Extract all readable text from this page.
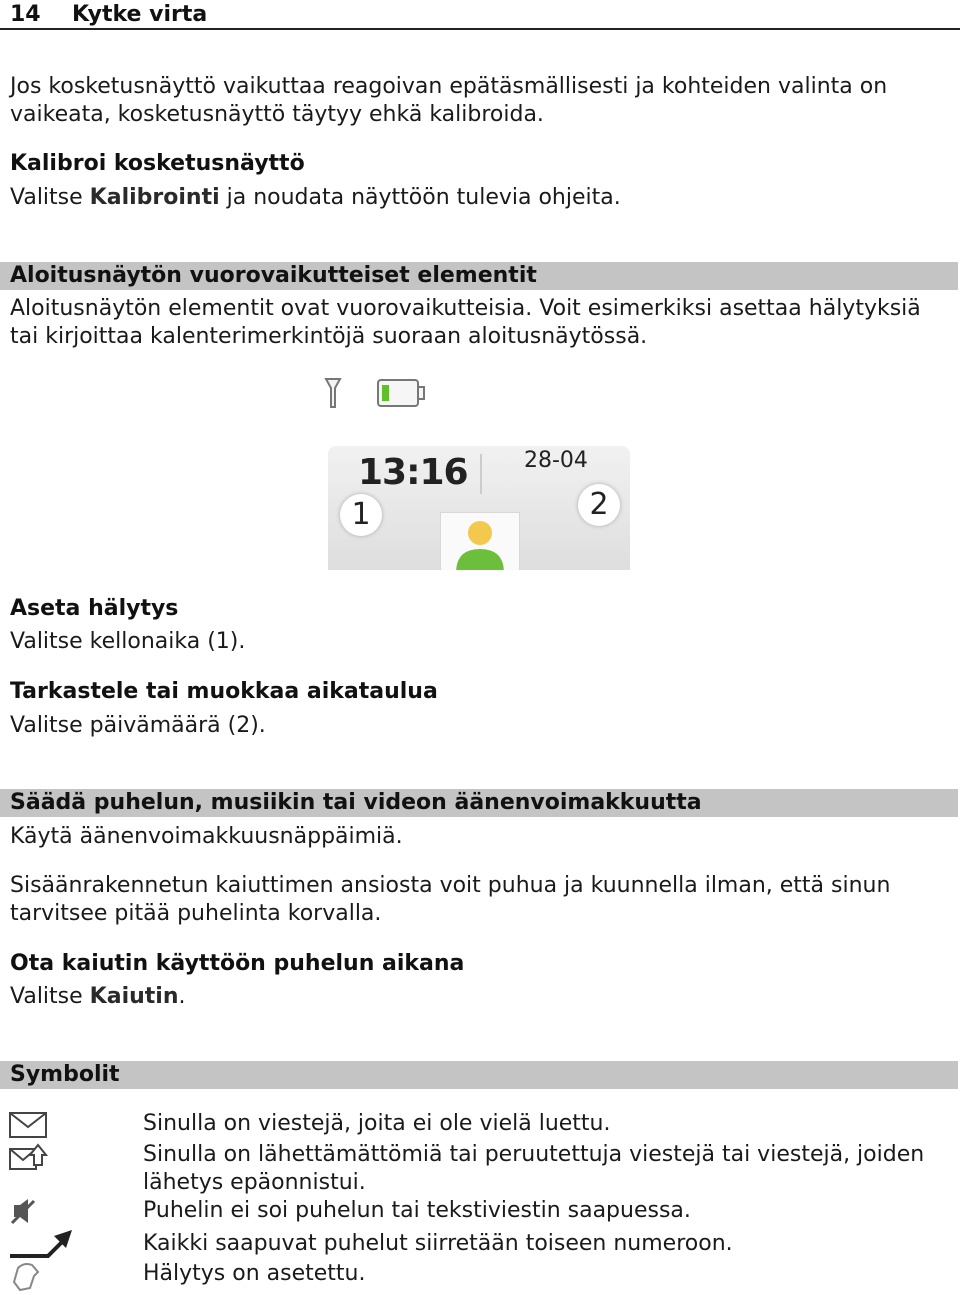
14 Kytke virta
Jos kosketusnäyttö vaikuttaa reagoivan epätäsmällisesti ja kohteiden valinta on vaikeata, kosketusnäyttö täytyy ehkä kalibroida.
Kalibroi kosketusnäyttö
Valitse Kalibrointi ja noudata näyttöön tulevia ohjeita.
Aloitusnäytön vuorovaikutteiset elementit
Aloitusnäytön elementit ovat vuorovaikutteisia. Voit esimerkiksi asettaa hälytyksiä tai kirjoittaa kalenterimerkintöjä suoraan aloitusnäytössä.
13:16	28-04
1	2
Aseta hälytys
Valitse kellonaika (1).
Tarkastele tai muokkaa aikataulua
Valitse päivämäärä (2).
Säädä puhelun, musiikin tai videon äänenvoimakkuutta
Käytä äänenvoimakkuusnäppäimiä.
Sisäänrakennetun kaiuttimen ansiosta voit puhua ja kuunnella ilman, että sinun tarvitsee pitää puhelinta korvalla.
Ota kaiutin käyttöön puhelun aikana
Valitse Kaiutin.
Symbolit
Sinulla on viestejä, joita ei ole vielä luettu.
Sinulla on lähettämättömiä tai peruutettuja viestejä tai viestejä, joiden lähetys epäonnistui.
Puhelin ei soi puhelun tai tekstiviestin saapuessa.
Kaikki saapuvat puhelut siirretään toiseen numeroon.
Hälytys on asetettu.
